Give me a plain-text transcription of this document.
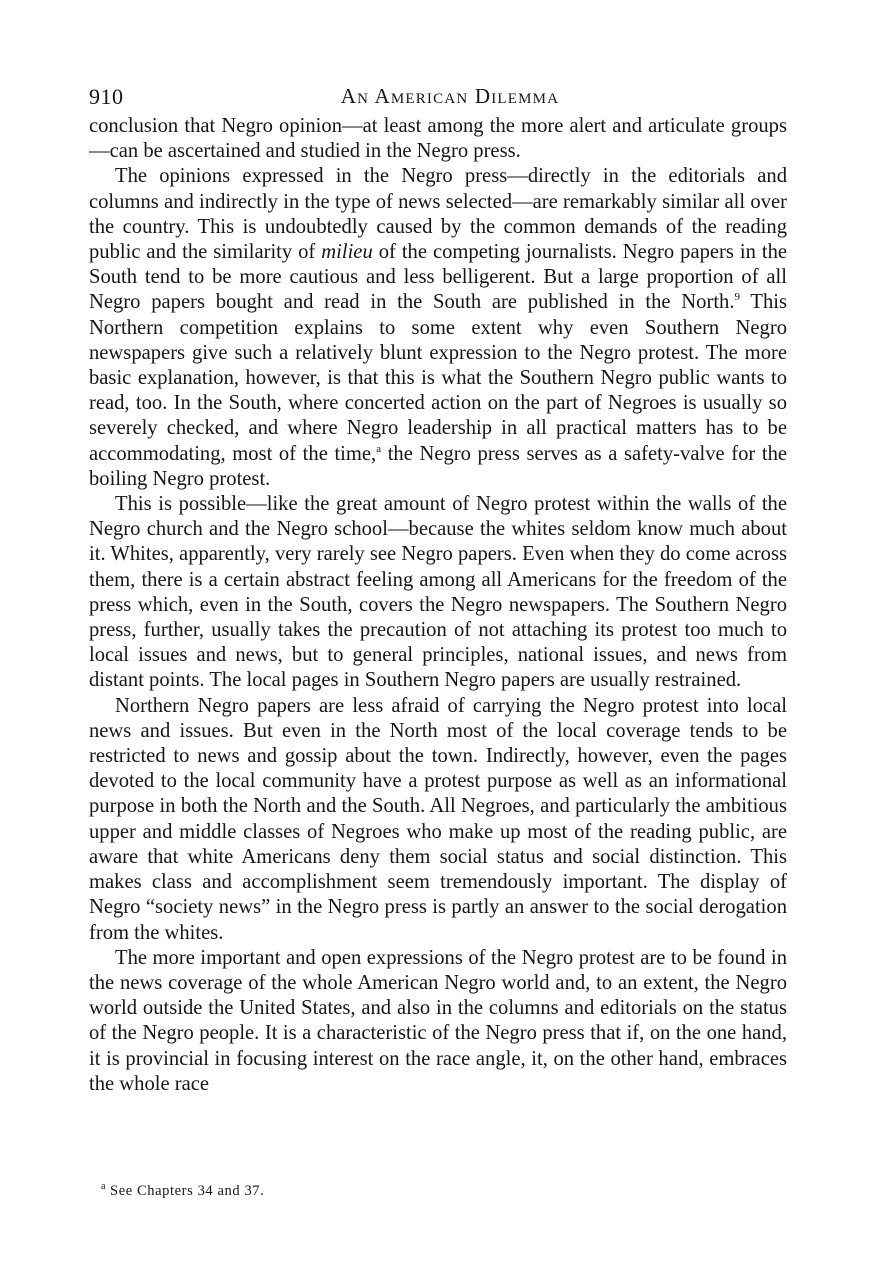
910	An American Dilemma

conclusion that Negro opinion—at least among the more alert and articulate groups—can be ascertained and studied in the Negro press.

The opinions expressed in the Negro press—directly in the editorials and columns and indirectly in the type of news selected—are remarkably similar all over the country. This is undoubtedly caused by the common demands of the reading public and the similarity of milieu of the competing journalists. Negro papers in the South tend to be more cautious and less belligerent. But a large proportion of all Negro papers bought and read in the South are published in the North.$^9$ This Northern competition explains to some extent why even Southern Negro newspapers give such a relatively blunt expression to the Negro protest. The more basic explanation, however, is that this is what the Southern Negro public wants to read, too. In the South, where concerted action on the part of Negroes is usually so severely checked, and where Negro leadership in all practical matters has to be accommodating, most of the time,$^a$ the Negro press serves as a safety-valve for the boiling Negro protest.

This is possible—like the great amount of Negro protest within the walls of the Negro church and the Negro school—because the whites seldom know much about it. Whites, apparently, very rarely see Negro papers. Even when they do come across them, there is a certain abstract feeling among all Americans for the freedom of the press which, even in the South, covers the Negro newspapers. The Southern Negro press, further, usually takes the precaution of not attaching its protest too much to local issues and news, but to general principles, national issues, and news from distant points. The local pages in Southern Negro papers are usually restrained.

Northern Negro papers are less afraid of carrying the Negro protest into local news and issues. But even in the North most of the local coverage tends to be restricted to news and gossip about the town. Indirectly, however, even the pages devoted to the local community have a protest purpose as well as an informational purpose in both the North and the South. All Negroes, and particularly the ambitious upper and middle classes of Negroes who make up most of the reading public, are aware that white Americans deny them social status and social distinction. This makes class and accomplishment seem tremendously important. The display of Negro “society news” in the Negro press is partly an answer to the social derogation from the whites.

The more important and open expressions of the Negro protest are to be found in the news coverage of the whole American Negro world and, to an extent, the Negro world outside the United States, and also in the columns and editorials on the status of the Negro people. It is a characteristic of the Negro press that if, on the one hand, it is provincial in focusing interest on the race angle, it, on the other hand, embraces the whole race

$^a$ See Chapters 34 and 37.
